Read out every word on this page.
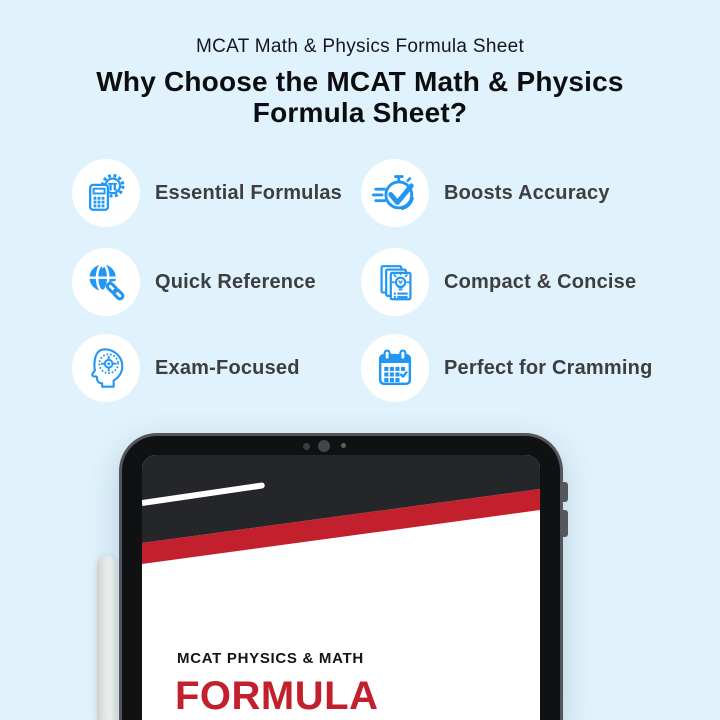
MCAT Math & Physics Formula Sheet
Why Choose the MCAT Math & Physics
Formula Sheet?
π Essential Formulas	Boosts Accuracy
Quick Reference	Compact & Concise
Exam-Focused	Perfect for Cramming
MCAT PHYSICS & MATH
FORMULA
